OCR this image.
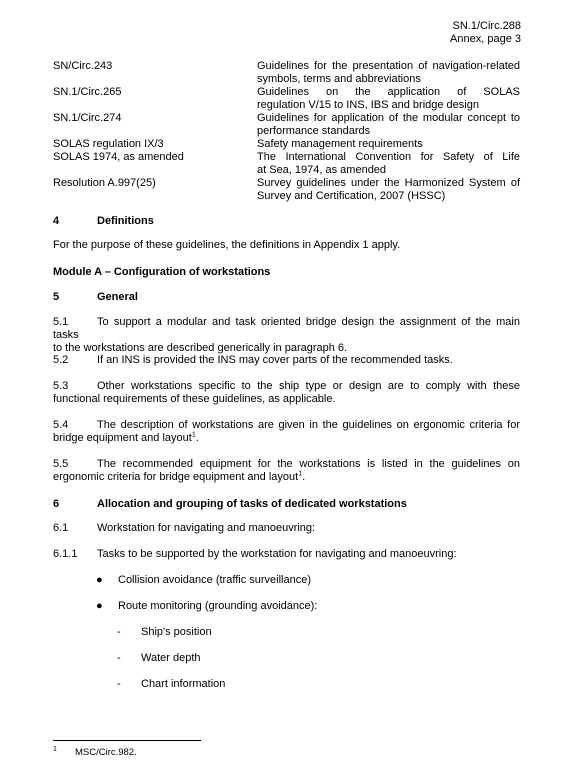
SN.1/Circ.288
Annex, page 3
SN/Circ.243	Guidelines for the presentation of navigation-related
symbols, terms and abbreviations
SN.1/Circ.265	Guidelines on the application of SOLAS
regulation V/15 to INS, IBS and bridge design
SN.1/Circ.274	Guidelines for application of the modular concept to
performance standards
SOLAS regulation IX/3	Safety management requirements
SOLAS 1974, as amended	The International Convention for Safety of Life
at Sea, 1974, as amended
Resolution A.997(25)	Survey guidelines under the Harmonized System of
Survey and Certification, 2007 (HSSC)
4	Definitions
For the purpose of these guidelines, the definitions in Appendix 1 apply.
Module A – Configuration of workstations
5	General
5.1	To support a modular and task oriented bridge design the assignment of the main tasks
to the workstations are described generically in paragraph 6.
5.2	If an INS is provided the INS may cover parts of the recommended tasks.
5.3	Other workstations specific to the ship type or design are to comply with these
functional requirements of these guidelines, as applicable.
5.4	The description of workstations are given in the guidelines on ergonomic criteria for
bridge equipment and layout$^1$.
5.5	The recommended equipment for the workstations is listed in the guidelines on
ergonomic criteria for bridge equipment and layout$^1$.
6	Allocation and grouping of tasks of dedicated workstations
6.1	Workstation for navigating and manoeuvring:
6.1.1 Tasks to be supported by the workstation for navigating and manoeuvring:
● Collision avoidance (traffic surveillance)
● Route monitoring (grounding avoidance):
- Ship's position
- Water depth
- Chart information
1 MSC/Circ.982.
